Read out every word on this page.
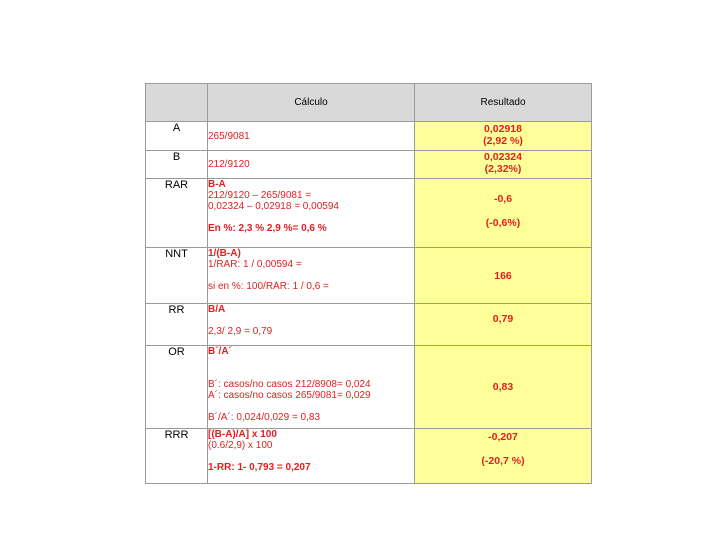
	Cálculo	Resultado
A	265/9081	0,02918
(2,92 %)

B	212/9120	0,02324
(2,32%)

RAR	B-A
212/9120 – 265/9081 =
0,02324 – 0,02918 = 0,00594
En %: 2,3 % 2,9 %= 0,6 %	-0,6
(-0,6%)

NNT	1/(B-A)
1/RAR: 1 / 0,00594 =
si en %: 100/RAR: 1 / 0,6 =	166

RR	B/A
2,3/ 2,9 = 0,79	0,79

OR	B´/A´
B´: casos/no casos 212/8908= 0,024
A´: casos/no casos 265/9081= 0,029
B´/A´: 0,024/0,029 = 0,83	0,83

RRR	[(B-A)/A] x 100
(0.6/2,9) x 100
1-RR: 1- 0,793 = 0,207	-0,207
(-20,7 %)
